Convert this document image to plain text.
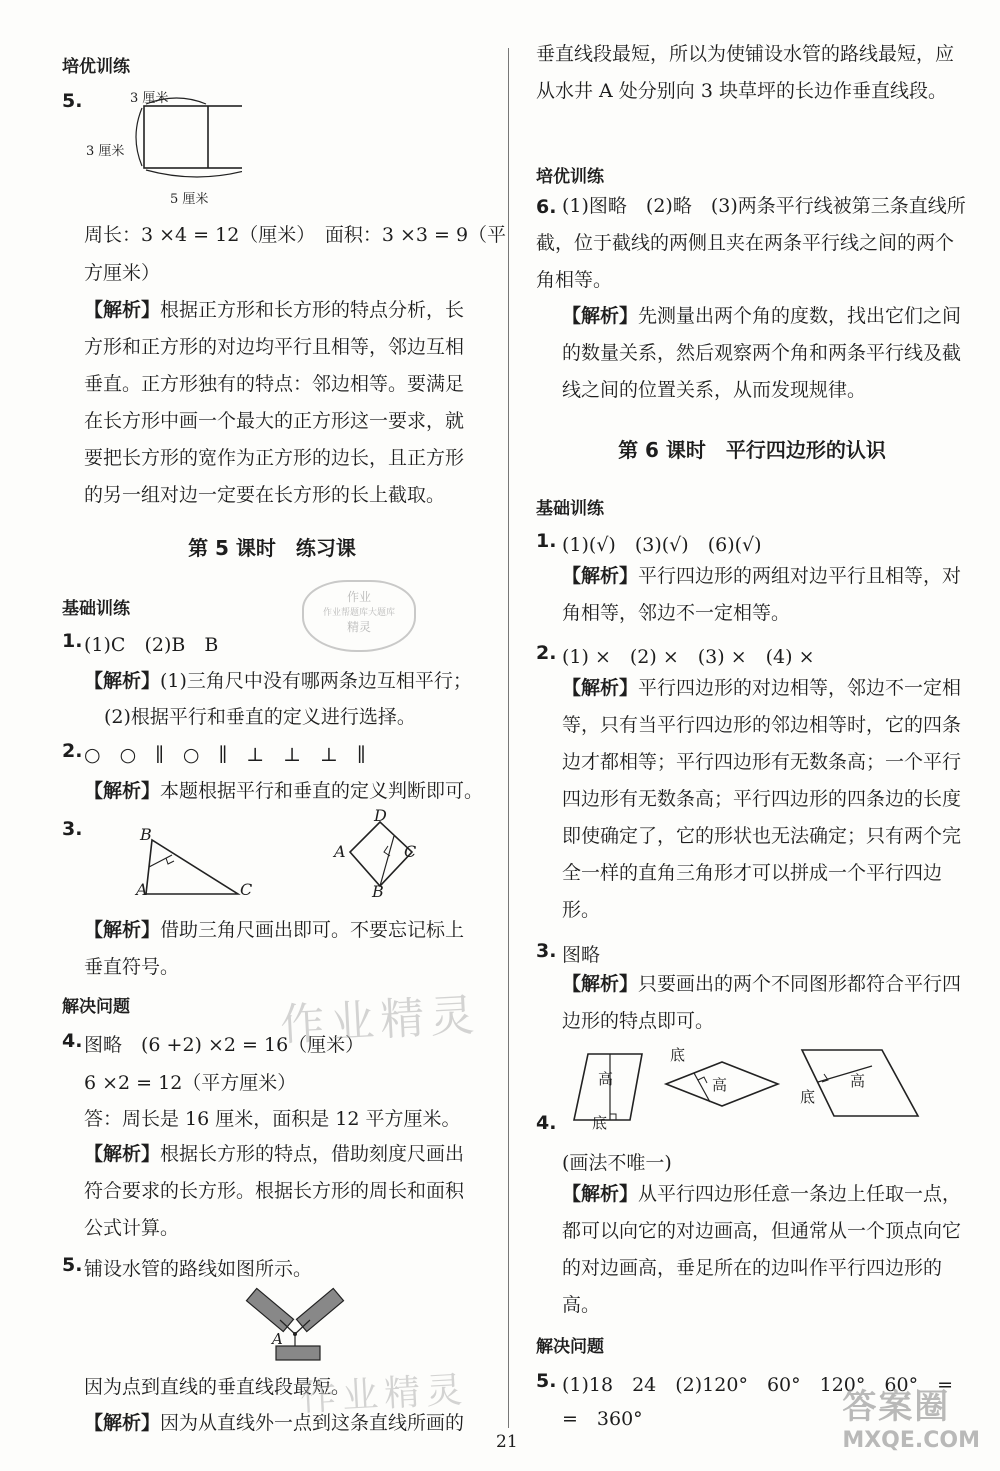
培优训练
5.	3 厘米
3 厘米
5 厘米
周长：3 ×4 = 12（厘米）　面积：3 ×3 = 9（平
方厘米）
【解析】根据正方形和长方形的特点分析，长方形和正方形的对边均平行且相等，邻边互相垂直。正方形独有的特点：邻边相等。要满足在长方形中画一个最大的正方形这一要求，就要把长方形的宽作为正方形的边长，且正方形的另一组对边一定要在长方形的长上截取。
第 5 课时　 练习课
作业
作业帮题库大题库
精灵
基础训练
1. (1)C　(2)B　B
【解析】(1)三角尺中没有哪两条边互相平行；
(2)根据平行和垂直的定义进行选择。
2. ○　○　∥　○　∥　⊥　⊥　⊥　∥
【解析】本题根据平行和垂直的定义判断即可。
3.	B
A	C
D
A	C
B
【解析】借助三角尺画出即可。不要忘记标上垂直符号。
解决问题
4. 图略　(6 +2) ×2 = 16（厘米）
6 ×2 = 12（平方厘米）
答：周长是 16 厘米，面积是 12 平方厘米。
【解析】根据长方形的特点，借助刻度尺画出符合要求的长方形。根据长方形的周长和面积公式计算。
5. 铺设水管的路线如图所示。
A
因为点到直线的垂直线段最短。
【解析】因为从直线外一点到这条直线所画的
作业精灵
作业精灵
垂直线段最短，所以为使铺设水管的路线最短，应从水井 A 处分别向 3 块草坪的长边作垂直线段。
培优训练
6. (1)图略　(2)略　(3)两条平行线被第三条直线所截，位于截线的两侧且夹在两条平行线之间的两个角相等。
【解析】先测量出两个角的度数，找出它们之间的数量关系，然后观察两个角和两条平行线及截线之间的位置关系，从而发现规律。
第 6 课时　 平行四边形的认识
基础训练
1. (1)(√)　(3)(√)　(6)(√)
【解析】平行四边形的两组对边平行且相等，对角相等，邻边不一定相等。
2. (1) ×　(2) ×　(3) ×　(4) ×
【解析】平行四边形的对边相等，邻边不一定相等，只有当平行四边形的邻边相等时，它的四条边才都相等；平行四边形有无数条高；一个平行四边形有无数条高；平行四边形的四条边的长度即使确定了，它的形状也无法确定；只有两个完全一样的直角三角形才可以拼成一个平行四边形。
3. 图略
【解析】只要画出的两个不同图形都符合平行四边形的特点即可。
高
底
底
高
底
高
4.
(画法不唯一)
【解析】从平行四边形任意一条边上任取一点，都可以向它的对边画高，但通常从一个顶点向它的对边画高，垂足所在的边叫作平行四边形的高。
解决问题
5. (1)18　24　(2)120°　60°　120°　60°　=
=　360°
21
答案圈
MXQE.COM
